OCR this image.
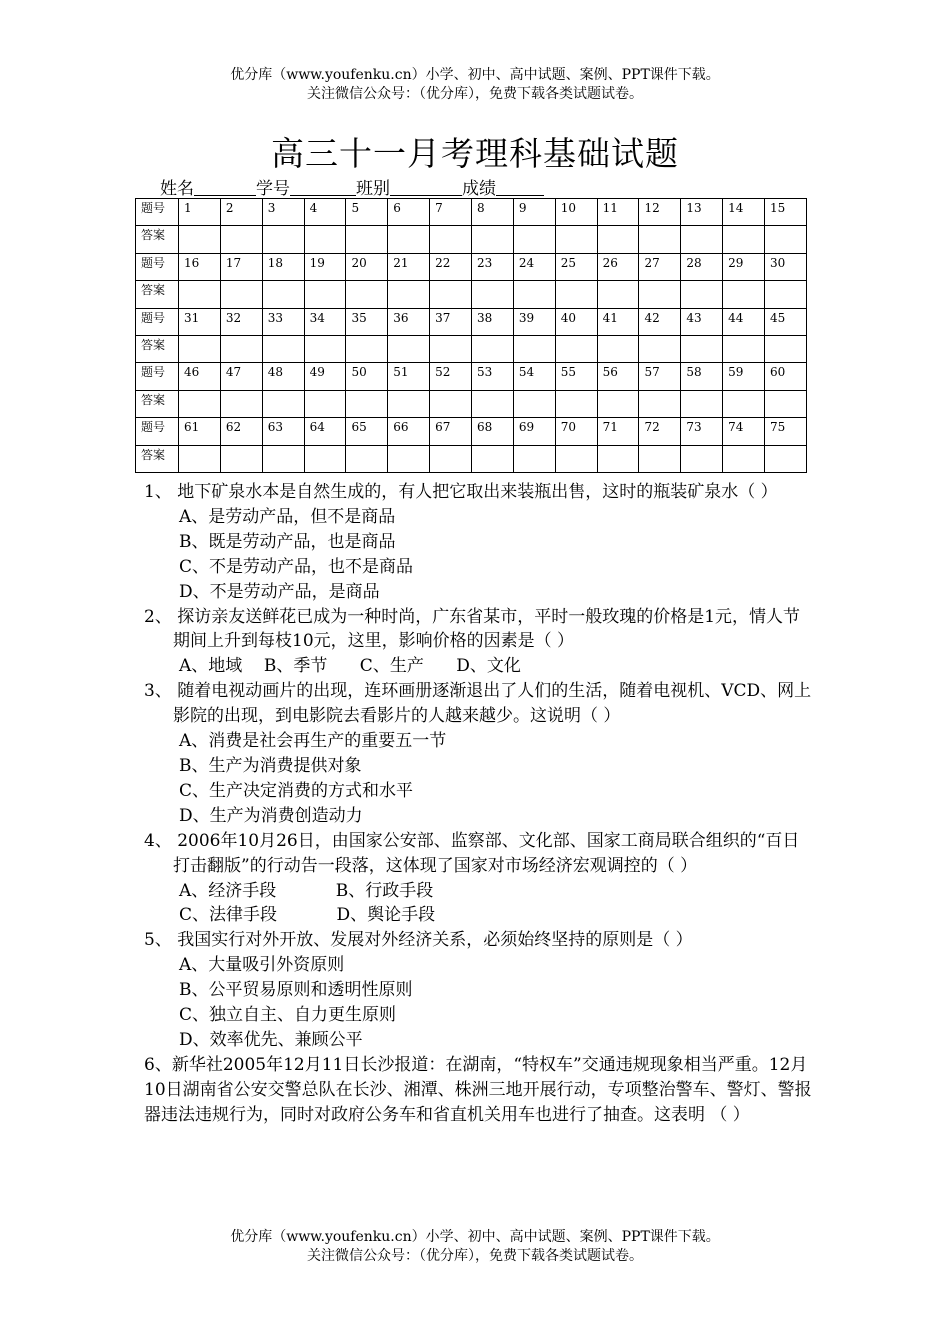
优分库（www.youfenku.cn）小学、初中、高中试题、案例、PPT课件下载。
关注微信公众号：（优分库），免费下载各类试题试卷。
高三十一月考理科基础试题
姓名	学号	班别	成绩
题号	1	2	3	4	5	6	7	8	9	10	11	12	13	14	15
答案															
题号	16	17	18	19	20	21	22	23	24	25	26	27	28	29	30
答案															
题号	31	32	33	34	35	36	37	38	39	40	41	42	43	44	45
答案															
题号	46	47	48	49	50	51	52	53	54	55	56	57	58	59	60
答案															
题号	61	62	63	64	65	66	67	68	69	70	71	72	73	74	75
答案															
1、 地下矿泉水本是自然生成的，有人把它取出来装瓶出售，这时的瓶装矿泉水（ ）
A、是劳动产品，但不是商品
B、既是劳动产品，也是商品
C、不是劳动产品，也不是商品
D、不是劳动产品，是商品
2、 探访亲友送鲜花已成为一种时尚，广东省某市，平时一般玫瑰的价格是1元，情人节期间上升到每枝10元，这里，影响价格的因素是（ ）
A、地域    B、季节      C、生产      D、文化
3、 随着电视动画片的出现，连环画册逐渐退出了人们的生活，随着电视机、VCD、网上影院的出现，到电影院去看影片的人越来越少。这说明（ ）
A、消费是社会再生产的重要五一节
B、生产为消费提供对象
C、生产决定消费的方式和水平
D、生产为消费创造动力
4、 2006年10月26日，由国家公安部、监察部、文化部、国家工商局联合组织的“百日打击翻版”的行动告一段落，这体现了国家对市场经济宏观调控的（ ）
A、经济手段           B、行政手段
C、法律手段           D、舆论手段
5、 我国实行对外开放、发展对外经济关系，必须始终坚持的原则是（ ）
A、大量吸引外资原则
B、公平贸易原则和透明性原则
C、独立自主、自力更生原则
D、效率优先、兼顾公平
6、新华社2005年12月11日长沙报道：在湖南，“特权车”交通违规现象相当严重。12月10日湖南省公安交警总队在长沙、湘潭、株洲三地开展行动，专项整治警车、警灯、警报器违法违规行为，同时对政府公务车和省直机关用车也进行了抽查。这表明 （ ）
优分库（www.youfenku.cn）小学、初中、高中试题、案例、PPT课件下载。
关注微信公众号：（优分库），免费下载各类试题试卷。
